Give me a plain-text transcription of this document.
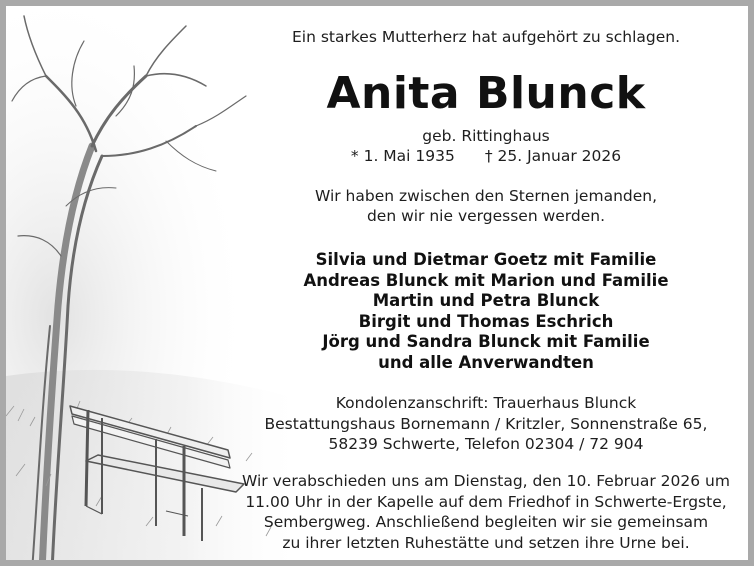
Ein starkes Mutterherz hat aufgehört zu schlagen.
Anita Blunck
geb. Rittinghaus
* 1. Mai 1935 † 25. Januar 2026
Wir haben zwischen den Sternen jemanden,
den wir nie vergessen werden.
Silvia und Dietmar Goetz mit Familie
Andreas Blunck mit Marion und Familie
Martin und Petra Blunck
Birgit und Thomas Eschrich
Jörg und Sandra Blunck mit Familie
und alle Anverwandten
Kondolenzanschrift: Trauerhaus Blunck
Bestattungshaus Bornemann / Kritzler, Sonnenstraße 65,
58239 Schwerte, Telefon 02304 / 72 904
Wir verabschieden uns am Dienstag, den 10. Februar 2026 um
11.00 Uhr in der Kapelle auf dem Friedhof in Schwerte-Ergste,
Sembergweg. Anschließend begleiten wir sie gemeinsam
zu ihrer letzten Ruhestätte und setzen ihre Urne bei.
